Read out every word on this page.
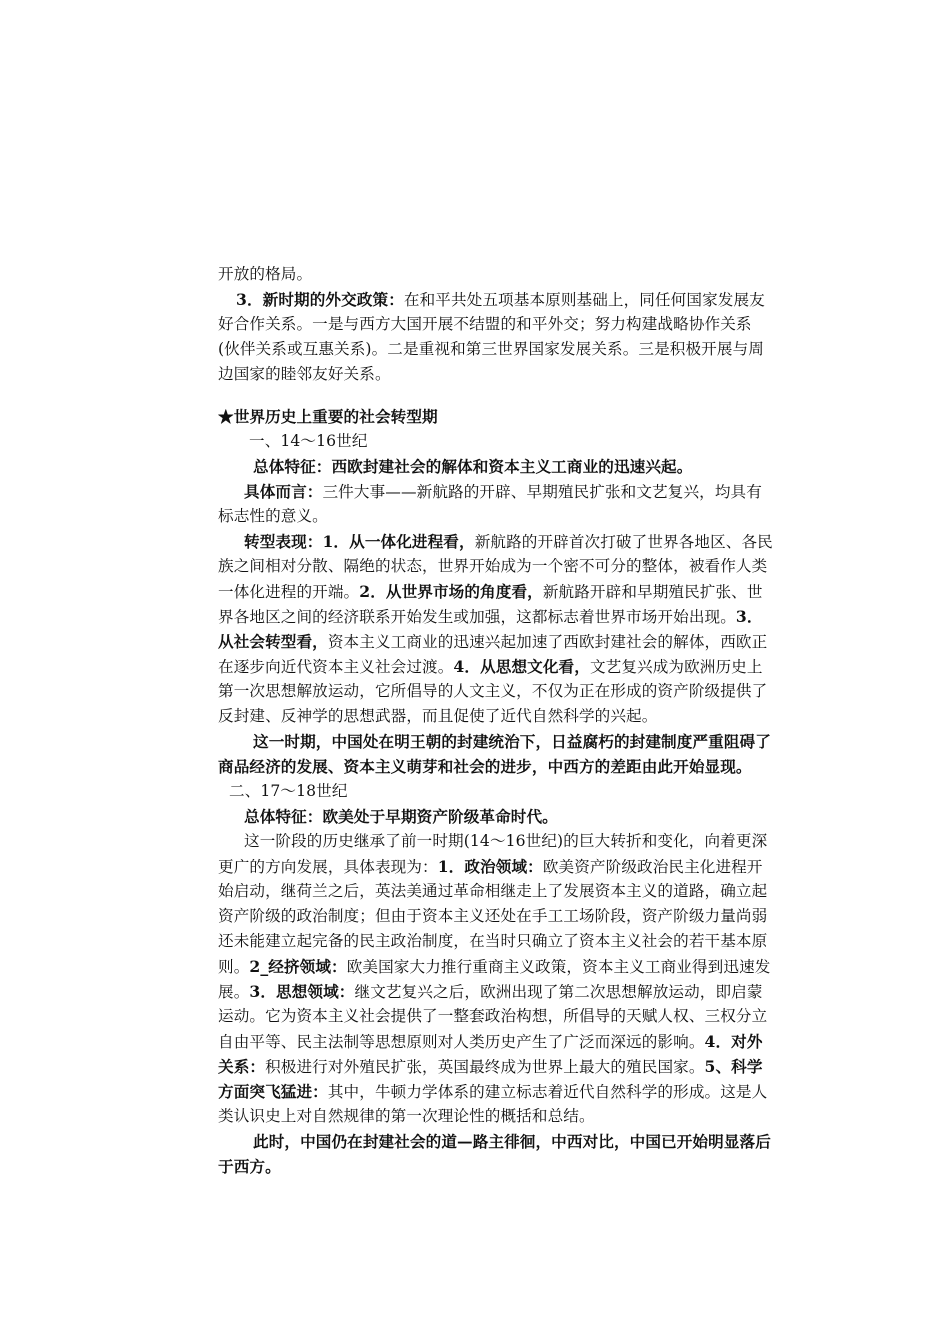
开放的格局。
3．新时期的外交政策：在和平共处五项基本原则基础上，同任何国家发展友
好合作关系。一是与西方大国开展不结盟的和平外交；努力构建战略协作关系
(伙伴关系或互惠关系)。二是重视和第三世界国家发展关系。三是积极开展与周
边国家的睦邻友好关系。
★世界历史上重要的社会转型期
一、14～16世纪
总体特征：西欧封建社会的解体和资本主义工商业的迅速兴起。
具体而言：三件大事——新航路的开辟、早期殖民扩张和文艺复兴，均具有
标志性的意义。
转型表现：1．从一体化进程看，新航路的开辟首次打破了世界各地区、各民
族之间相对分散、隔绝的状态，世界开始成为一个密不可分的整体，被看作人类
一体化进程的开端。2．从世界市场的角度看，新航路开辟和早期殖民扩张、世
界各地区之间的经济联系开始发生或加强，这都标志着世界市场开始出现。3．
从社会转型看，资本主义工商业的迅速兴起加速了西欧封建社会的解体，西欧正
在逐步向近代资本主义社会过渡。4．从思想文化看，文艺复兴成为欧洲历史上
第一次思想解放运动，它所倡导的人文主义，不仅为正在形成的资产阶级提供了
反封建、反神学的思想武器，而且促使了近代自然科学的兴起。
这一时期，中国处在明王朝的封建统治下，日益腐朽的封建制度严重阻碍了
商品经济的发展、资本主义萌芽和社会的进步，中西方的差距由此开始显现。
二、17～18世纪
总体特征：欧美处于早期资产阶级革命时代。
这一阶段的历史继承了前一时期(14～16世纪)的巨大转折和变化，向着更深
更广的方向发展，具体表现为：1．政治领域：欧美资产阶级政治民主化进程开
始启动，继荷兰之后，英法美通过革命相继走上了发展资本主义的道路，确立起
资产阶级的政治制度；但由于资本主义还处在手工工场阶段，资产阶级力量尚弱
还未能建立起完备的民主政治制度，在当时只确立了资本主义社会的若干基本原
则。2_经挤领域：欧美国家大力推行重商主义政策，资本主义工商业得到迅速发
展。3．思想领域：继文艺复兴之后，欧洲出现了第二次思想解放运动，即启蒙
运动。它为资本主义社会提供了一整套政治构想，所倡导的天赋人权、三权分立
自由平等、民主法制等思想原则对人类历史产生了广泛而深远的影响。4．对外
关系：积极进行对外殖民扩张，英国最终成为世界上最大的殖民国家。5、科学
方面突飞猛进：其中，牛顿力学体系的建立标志着近代自然科学的形成。这是人
类认识史上对自然规律的第一次理论性的概括和总结。
此时，中国仍在封建社会的道—路主徘徊，中西对比，中国已开始明显落后
于西方。
